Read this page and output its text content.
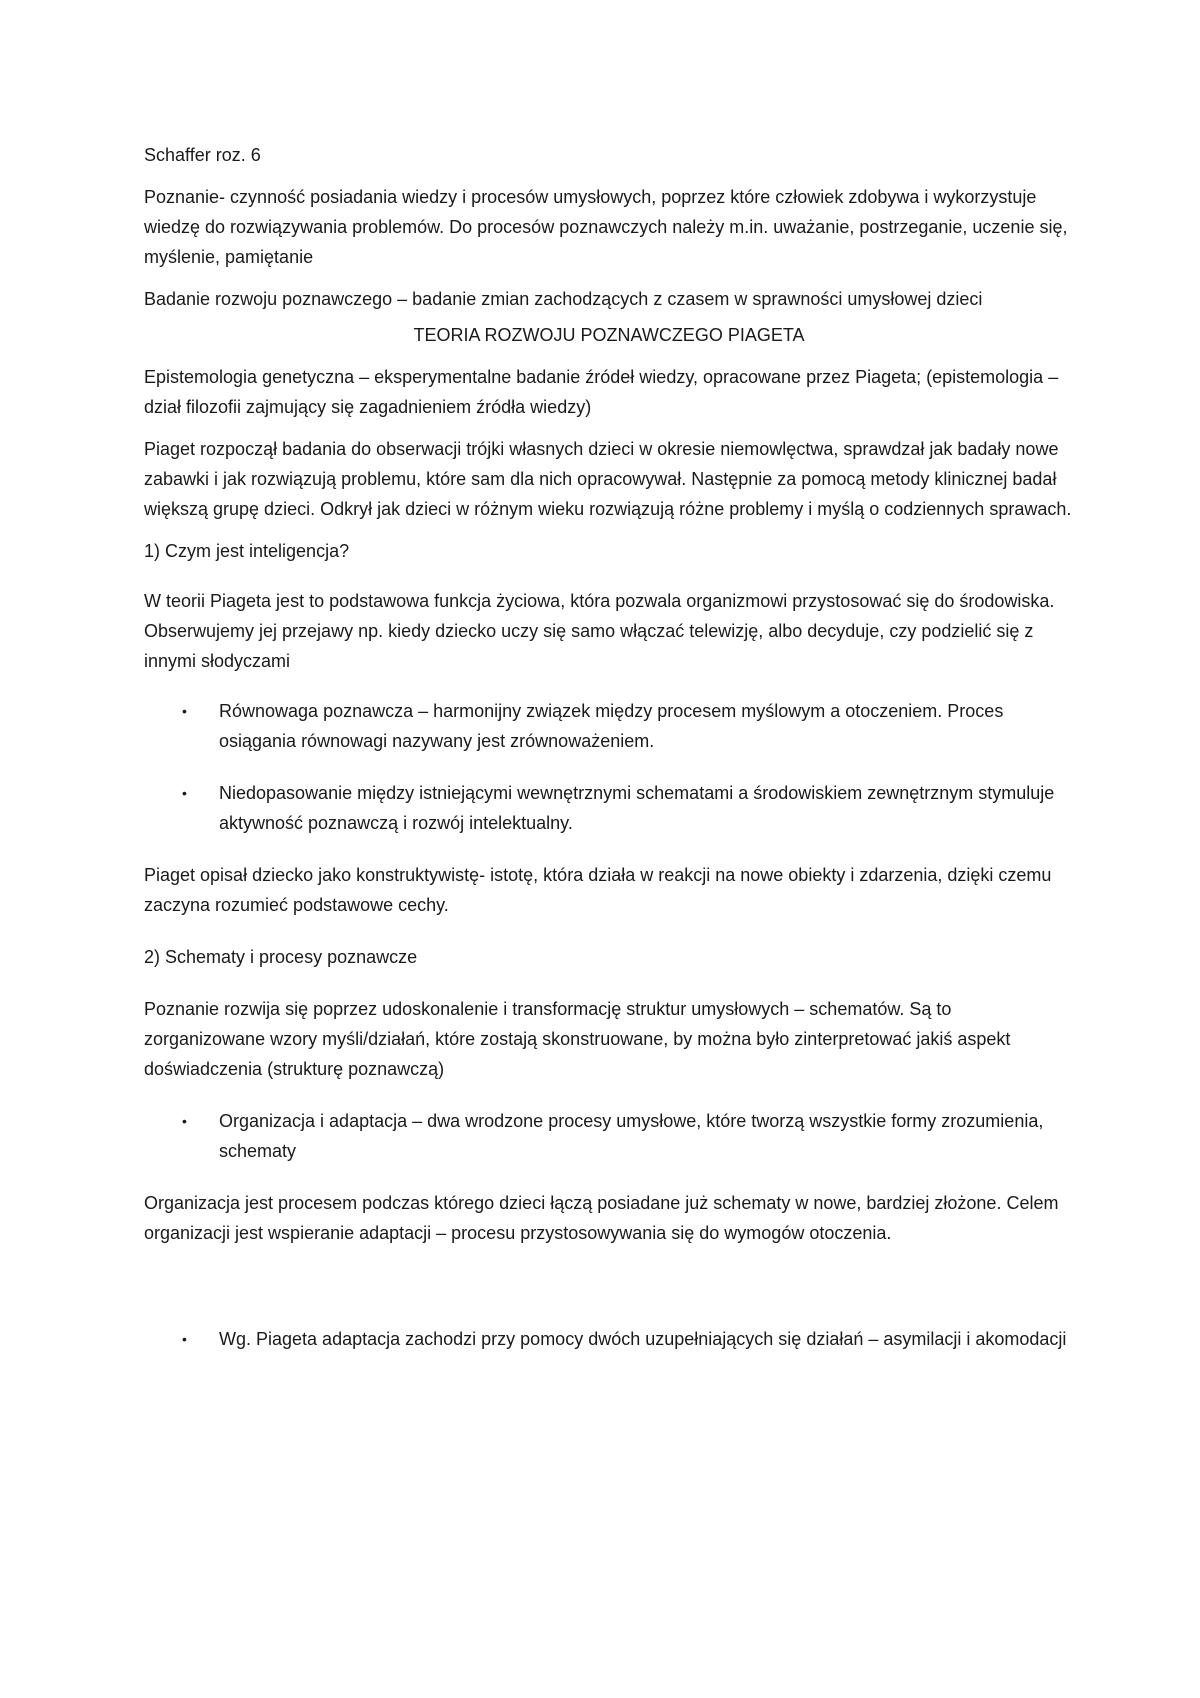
Schaffer roz. 6

Poznanie- czynność posiadania wiedzy i procesów umysłowych, poprzez które człowiek zdobywa i wykorzystuje wiedzę do rozwiązywania problemów. Do procesów poznawczych należy m.in. uważanie, postrzeganie, uczenie się, myślenie, pamiętanie

Badanie rozwoju poznawczego – badanie zmian zachodzących z czasem w sprawności umysłowej dzieci

TEORIA ROZWOJU POZNAWCZEGO PIAGETA

Epistemologia genetyczna – eksperymentalne badanie źródeł wiedzy, opracowane przez Piageta; (epistemologia – dział filozofii zajmujący się zagadnieniem źródła wiedzy)

Piaget rozpoczął badania do obserwacji trójki własnych dzieci w okresie niemowlęctwa, sprawdzał jak badały nowe zabawki i jak rozwiązują problemu, które sam dla nich opracowywał. Następnie za pomocą metody klinicznej badał większą grupę dzieci. Odkrył jak dzieci w różnym wieku rozwiązują różne problemy i myślą o codziennych sprawach.

1) Czym jest inteligencja?

W teorii Piageta jest to podstawowa funkcja życiowa, która pozwala organizmowi przystosować się do środowiska. Obserwujemy jej przejawy np. kiedy dziecko uczy się samo włączać telewizję, albo decyduje, czy podzielić się z innymi słodyczami

• Równowaga poznawcza – harmonijny związek między procesem myślowym a otoczeniem. Proces osiągania równowagi nazywany jest zrównoważeniem.
• Niedopasowanie między istniejącymi wewnętrznymi schematami a środowiskiem zewnętrznym stymuluje aktywność poznawczą i rozwój intelektualny.

Piaget opisał dziecko jako konstruktywistę- istotę, która działa w reakcji na nowe obiekty i zdarzenia, dzięki czemu zaczyna rozumieć podstawowe cechy.

2) Schematy i procesy poznawcze

Poznanie rozwija się poprzez udoskonalenie i transformację struktur umysłowych – schematów. Są to zorganizowane wzory myśli/działań, które zostają skonstruowane, by można było zinterpretować jakiś aspekt doświadczenia (strukturę poznawczą)

• Organizacja i adaptacja – dwa wrodzone procesy umysłowe, które tworzą wszystkie formy zrozumienia, schematy

Organizacja jest procesem podczas którego dzieci łączą posiadane już schematy w nowe, bardziej złożone. Celem organizacji jest wspieranie adaptacji – procesu przystosowywania się do wymogów otoczenia.

• Wg. Piageta adaptacja zachodzi przy pomocy dwóch uzupełniających się działań – asymilacji i akomodacji
